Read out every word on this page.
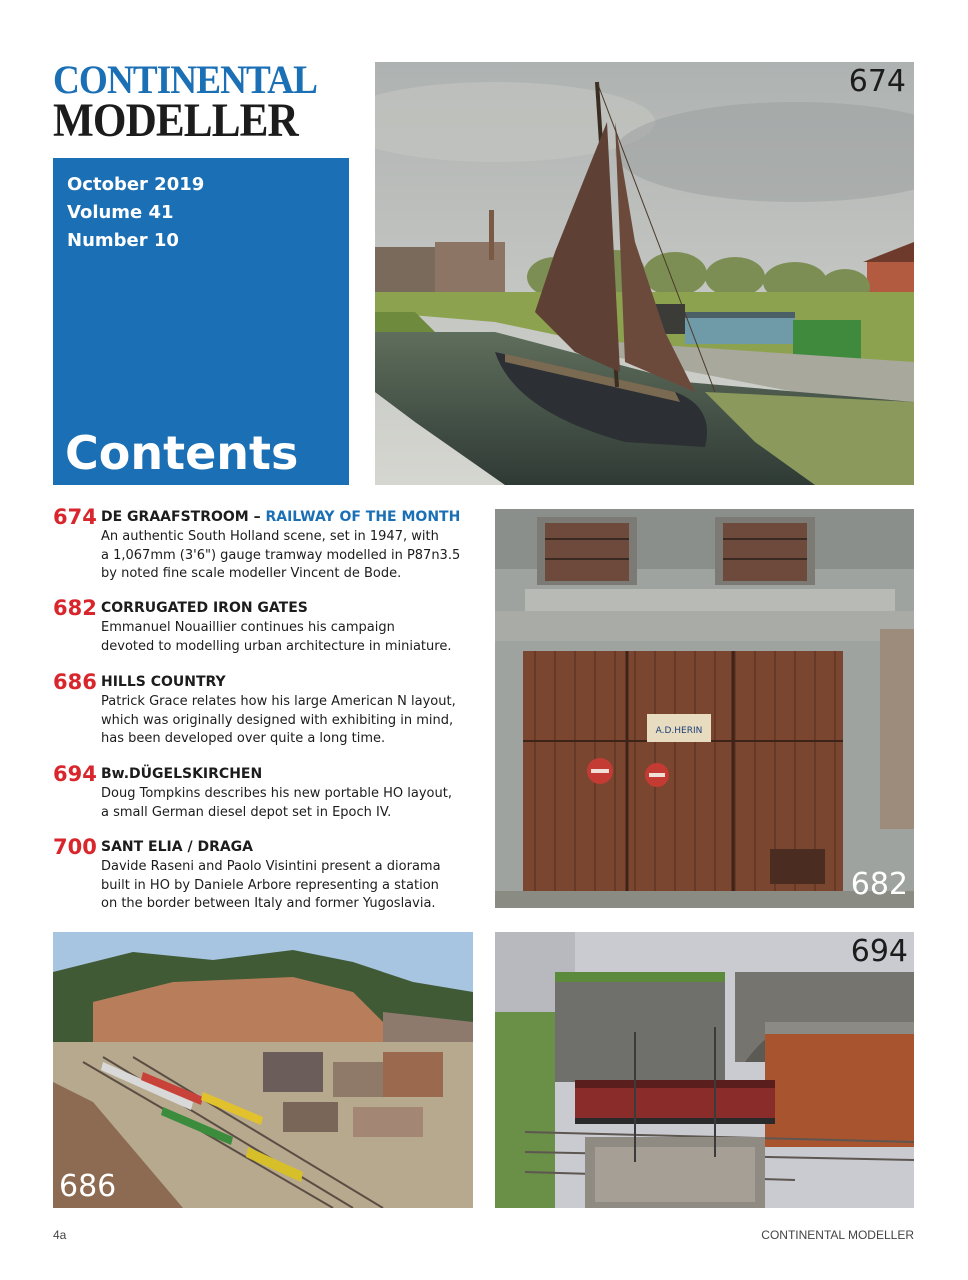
CONTINENTAL
MODELLER
October 2019
Volume 41
Number 10
Contents
674
A.D.HERIN
682
686
694
674 DE GRAAFSTROOM – RAILWAY OF THE MONTH
An authentic South Holland scene, set in 1947, with
a 1,067mm (3'6") gauge tramway modelled in P87n3.5
by noted fine scale modeller Vincent de Bode.
682 CORRUGATED IRON GATES
Emmanuel Nouaillier continues his campaign
devoted to modelling urban architecture in miniature.
686 HILLS COUNTRY
Patrick Grace relates how his large American N layout,
which was originally designed with exhibiting in mind,
has been developed over quite a long time.
694 Bw.DÜGELSKIRCHEN
Doug Tompkins describes his new portable HO layout,
a small German diesel depot set in Epoch IV.
700 SANT ELIA / DRAGA
Davide Raseni and Paolo Visintini present a diorama
built in HO by Daniele Arbore representing a station
on the border between Italy and former Yugoslavia.
4a	CONTINENTAL MODELLER
